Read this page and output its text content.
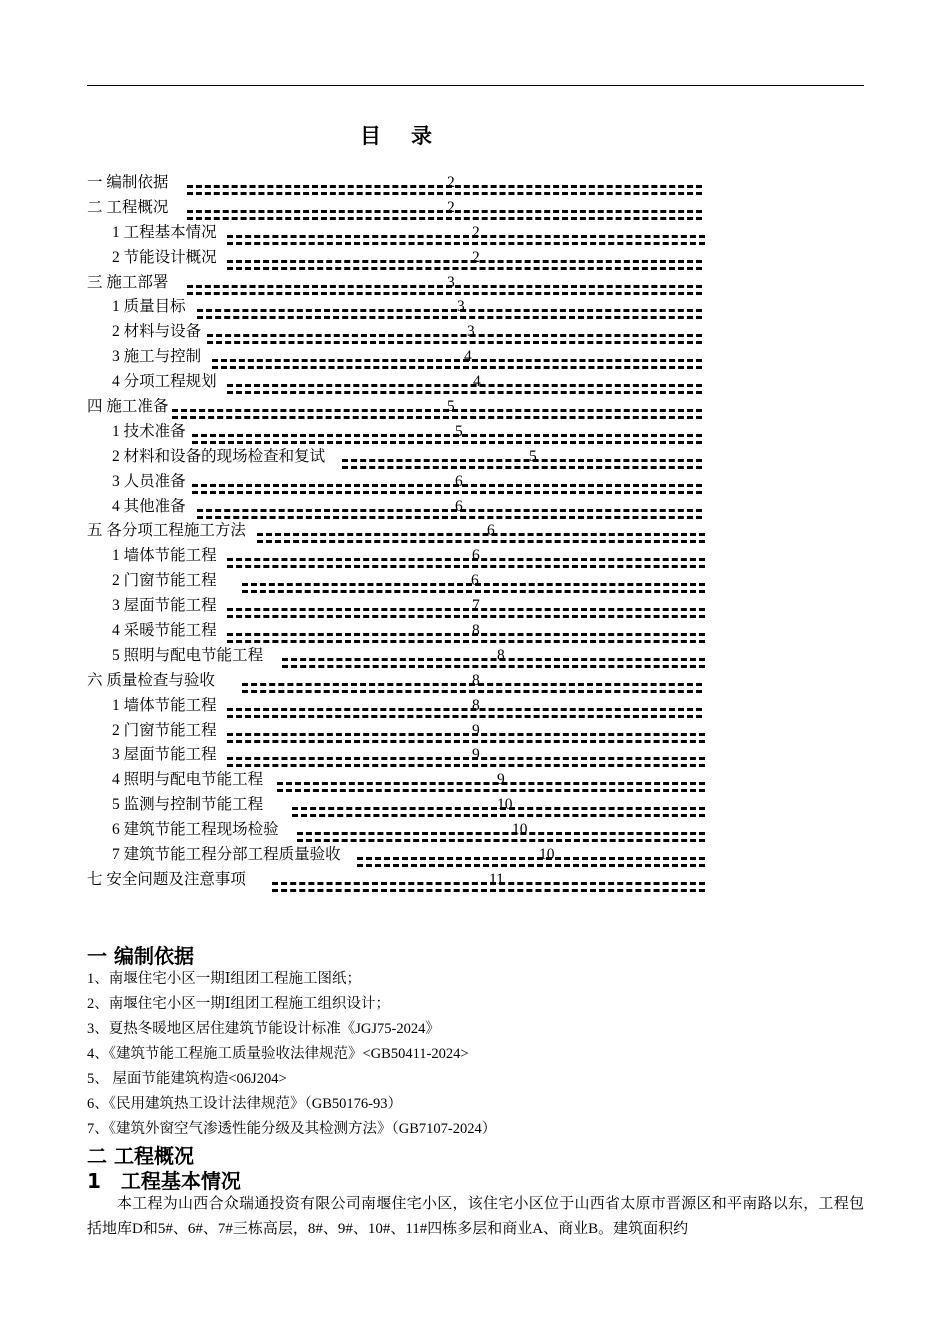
目录
一 编制依据	2
二 工程概况	2
1 工程基本情况	2
2 节能设计概况	2
三 施工部署	3
1 质量目标	3
2 材料与设备	3
3 施工与控制	4
4 分项工程规划	4
四 施工准备	5
1 技术准备	5
2 材料和设备的现场检查和复试	5
3 人员准备	6
4 其他准备	6
五 各分项工程施工方法	6
1 墙体节能工程	6
2 门窗节能工程	6
3 屋面节能工程	7
4 采暖节能工程	8
5 照明与配电节能工程	8
六 质量检查与验收	8
1 墙体节能工程	8
2 门窗节能工程	9
3 屋面节能工程	9
4 照明与配电节能工程	9
5 监测与控制节能工程	10
6 建筑节能工程现场检验	10
7 建筑节能工程分部工程质量验收	10
七 安全问题及注意事项	11
一 编制依据
1、南堰住宅小区一期Ⅰ组团工程施工图纸；
2、南堰住宅小区一期Ⅰ组团工程施工组织设计；
3、夏热冬暖地区居住建筑节能设计标准《JGJ75-2024》
4、《建筑节能工程施工质量验收法律规范》<GB50411-2024>
5、 屋面节能建筑构造<06J204>
6、《民用建筑热工设计法律规范》（GB50176-93）
7、《建筑外窗空气渗透性能分级及其检测方法》（GB7107-2024）
二 工程概况
1　工程基本情况
本工程为山西合众瑞通投资有限公司南堰住宅小区，该住宅小区位于山西省太原市晋源区和平南路以东，工程包括地库D和5#、6#、7#三栋高层，8#、9#、10#、11#四栋多层和商业A、商业B。建筑面积约
